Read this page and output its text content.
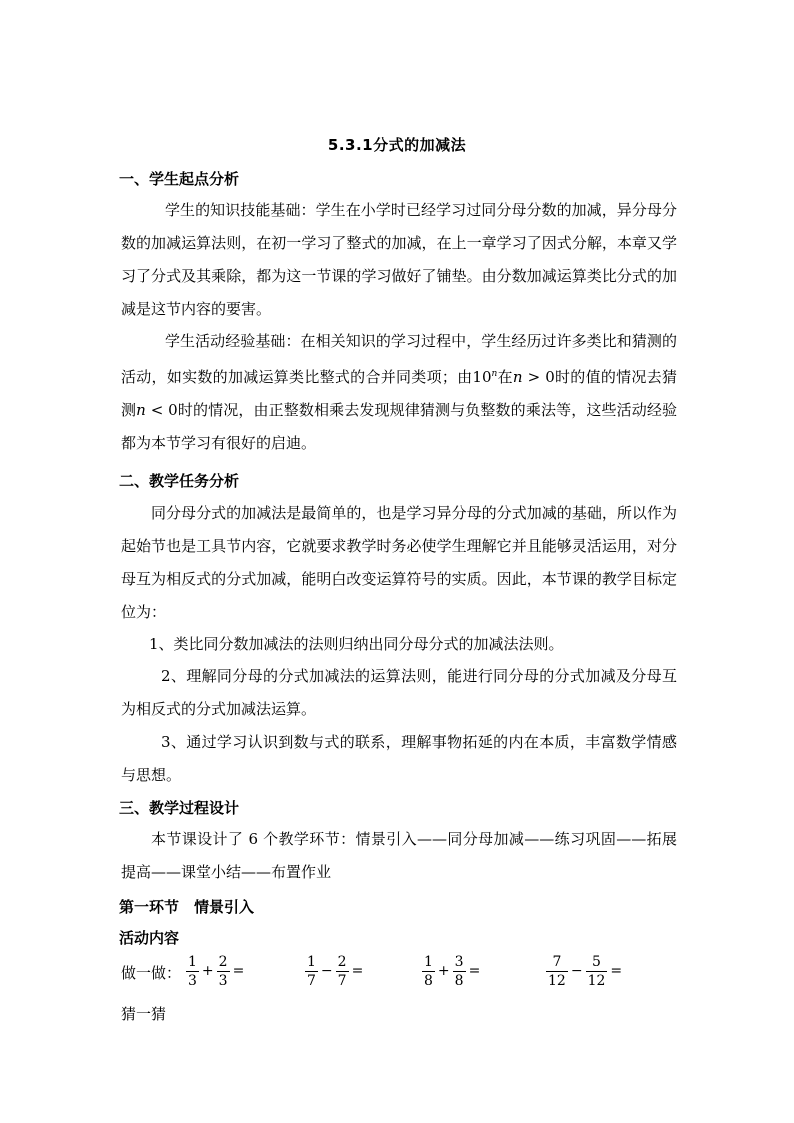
5.3.1分式的加减法
一、学生起点分析
学生的知识技能基础：学生在小学时已经学习过同分母分数的加减，异分母分数的加减运算法则，在初一学习了整式的加减，在上一章学习了因式分解，本章又学习了分式及其乘除，都为这一节课的学习做好了铺垫。由分数加减运算类比分式的加减是这节内容的要害。
学生活动经验基础：在相关知识的学习过程中，学生经历过许多类比和猜测的活动，如实数的加减运算类比整式的合并同类项；由10$^n$在n > 0时的值的情况去猜测n < 0时的情况，由正整数相乘去发现规律猜测与负整数的乘法等，这些活动经验都为本节学习有很好的启迪。
二、教学任务分析
同分母分式的加减法是最简单的，也是学习异分母的分式加减的基础，所以作为起始节也是工具节内容，它就要求教学时务必使学生理解它并且能够灵活运用，对分母互为相反式的分式加减，能明白改变运算符号的实质。因此，本节课的教学目标定位为：
1、类比同分数加减法的法则归纳出同分母分式的加减法法则。
2、理解同分母的分式加减法的运算法则，能进行同分母的分式加减及分母互为相反式的分式加减法运算。
3、通过学习认识到数与式的联系，理解事物拓延的内在本质，丰富数学情感与思想。
三、教学过程设计
本节课设计了 6 个教学环节：情景引入——同分母加减——练习巩固——拓展提高——课堂小结——布置作业
第一环节　情景引入
活动内容
做一做： $\frac{1}{3} + \frac{2}{3}$ =	$\frac{1}{7} - \frac{2}{7}$ =	$\frac{1}{8} + \frac{3}{8}$ =	$\frac{7}{12} - \frac{5}{12}$ =
猜一猜
